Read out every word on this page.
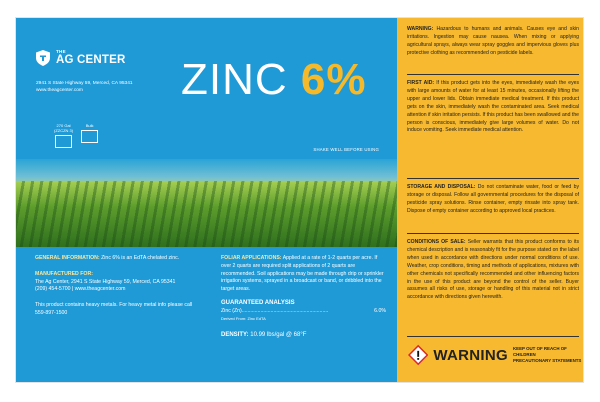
THE
AG CENTER
2941 S State Highway 59, Merced, CA 95341
www.theagcenter.com
270 Gal
(ZZCZN 3)
Bulk
ZINC 6%
SHAKE WELL BEFORE USING

GENERAL INFORMATION: Zinc 6% is an EdTA chelated zinc.

MANUFACTURED FOR:
The Ag Center, 2941 S State Highway 59, Merced, CA 95341
(209) 454-5700 | www.theagcenter.com

This product contains heavy metals. For heavy metal info please call 559-897-1500

FOLIAR APPLICATIONS: Applied at a rate of 1-2 quarts per acre. If over 2 quarts are required split applications of 2 quarts are recommended. Soil applications may be made through drip or sprinkler irrigation systems, sprayed in a broadcast or band, or dribbled into the target areas.
GUARANTEED ANALYSIS
Zinc (Zn)............................................................	6.0%
Derived From: Zinc EdTA
DENSITY: 10.99 lbs/gal @ 68°F
WARNING: Hazardous to humans and animals. Causes eye and skin irritations. Ingestion may cause nausea. When mixing or applying agricultural sprays, always wear spray goggles and impervious gloves plus protective clothing as recommended on pesticide labels.
FIRST AID: If this product gets into the eyes, immediately wash the eyes with large amounts of water for at least 15 minutes, occasionally lifting the upper and lower lids. Obtain immediate medical treatment. If this product gets on the skin, immediately wash the contaminated area. Seek medical attention if skin irritation persists. If this product has been swallowed and the person is conscious, immediately give large volumes of water. Do not induce vomiting. Seek immediate medical attention.
STORAGE AND DISPOSAL: Do not contaminate water, food or feed by storage or disposal. Follow all governmental procedures for the disposal of pesticide spray solutions. Rinse container, empty rinsate into spray tank. Dispose of empty container according to approved local practices.
CONDITIONS OF SALE: Seller warrants that this product conforms to its chemical description and is reasonably fit for the purpose stated on the label when used in accordance with directions under normal conditions of use. Weather, crop conditions, timing and methods of applications, mixtures with other chemicals not specifically recommended and other influencing factors in the use of this product are beyond the control of the seller. Buyer assumes all risks of use, storage or handling of this material not in strict accordance with directions given herewith.
WARNING KEEP OUT OF REACH OF CHILDREN
PRECAUTIONARY STATEMENTS
